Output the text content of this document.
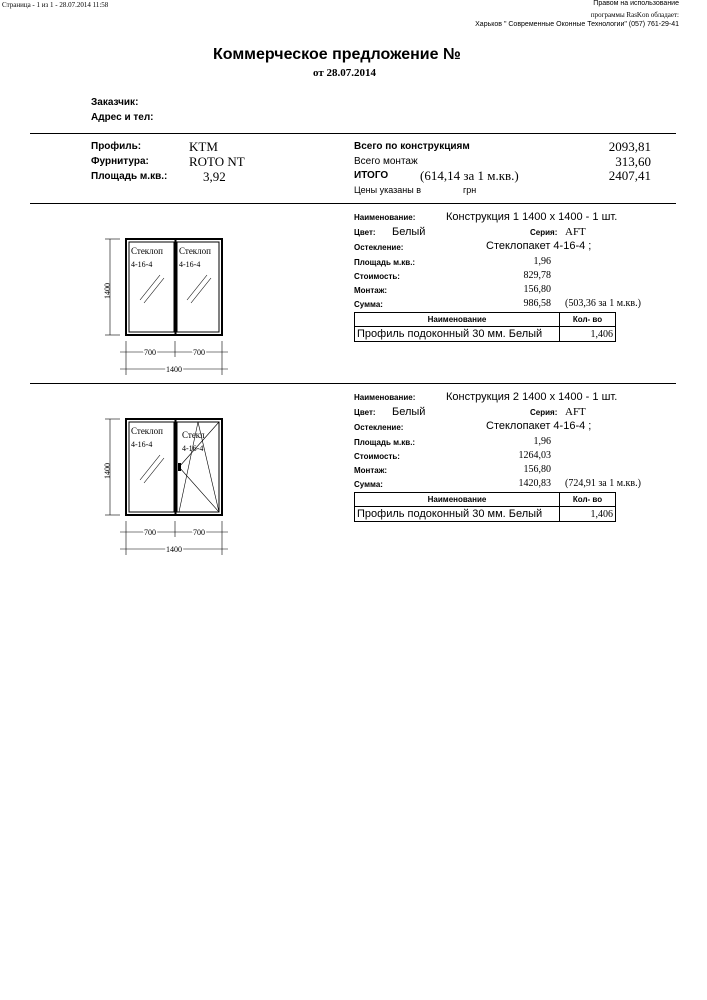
Страница - 1 из 1 - 28.07.2014 11:58	Правом на использование
программы RasKon обладает:
Харьков " Современные Оконные Технологии" (057) 761-29-41
Коммерческое предложение №
от 28.07.2014
Заказчик:
Адрес и тел:
Профиль:	KTM
Фурнитура:	ROTO NT
Площадь м.кв.:	3,92
Всего по конструкциям	2093,81
Всего монтаж	313,60
ИТОГО (614,14 за 1 м.кв.)	2407,41
Цены указаны в	грн
1400
Стеклоп
4-16-4
Стеклоп
4-16-4
700	700
1400
Наименование:	Конструкция 1 1400 x 1400 - 1 шт.
Цвет: Белый	Серия: AFT
Остекление:	Стеклопакет 4-16-4 ;
Площадь м.кв.:	1,96
Стоимость:	829,78
Монтаж:	156,80
Сумма:	986,58 (503,36 за 1 м.кв.)
Наименование	Кол- во
Профиль подоконный 30 мм. Белый	1,406
1400
Стеклоп
4-16-4
Стекл
4-16-4
700	700
1400
Наименование:	Конструкция 2 1400 x 1400 - 1 шт.
Цвет: Белый	Серия: AFT
Остекление:	Стеклопакет 4-16-4 ;
Площадь м.кв.:	1,96
Стоимость:	1264,03
Монтаж:	156,80
Сумма:	1420,83 (724,91 за 1 м.кв.)
Наименование	Кол- во
Профиль подоконный 30 мм. Белый	1,406
